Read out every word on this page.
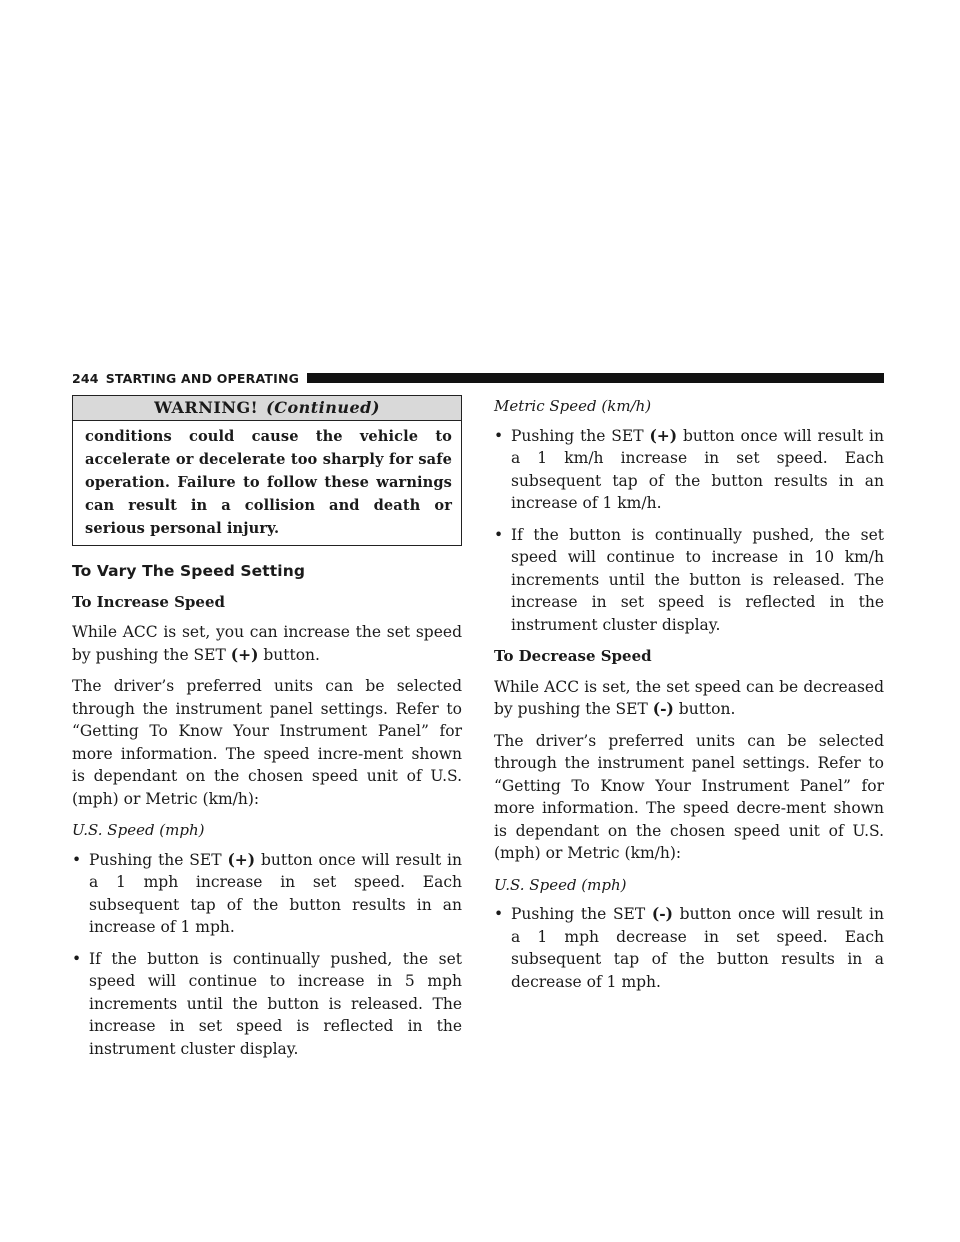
244 STARTING AND OPERATING
WARNING! (Continued)
conditions could cause the vehicle to accelerate or decelerate too sharply for safe operation. Failure to follow these warnings can result in a collision and death or serious personal injury.
To Vary The Speed Setting
To Increase Speed

While ACC is set, you can increase the set speed by pushing the SET (+) button.

The driver’s preferred units can be selected through the instrument panel settings. Refer to “Getting To Know Your Instrument Panel” for more information. The speed incre-ment shown is dependant on the chosen speed unit of U.S. (mph) or Metric (km/h):

U.S. Speed (mph)
• Pushing the SET (+) button once will result in a 1 mph increase in set speed. Each subsequent tap of the button results in an increase of 1 mph.
• If the button is continually pushed, the set speed will continue to increase in 5 mph increments until the button is released. The increase in set speed is reflected in the instrument cluster display.
Metric Speed (km/h)
• Pushing the SET (+) button once will result in a 1 km/h increase in set speed. Each subsequent tap of the button results in an increase of 1 km/h.
• If the button is continually pushed, the set speed will continue to increase in 10 km/h increments until the button is released. The increase in set speed is reflected in the instrument cluster display.
To Decrease Speed

While ACC is set, the set speed can be decreased by pushing the SET (-) button.

The driver’s preferred units can be selected through the instrument panel settings. Refer to “Getting To Know Your Instrument Panel” for more information. The speed decre-ment shown is dependant on the chosen speed unit of U.S. (mph) or Metric (km/h):

U.S. Speed (mph)
• Pushing the SET (-) button once will result in a 1 mph decrease in set speed. Each subsequent tap of the button results in a decrease of 1 mph.
